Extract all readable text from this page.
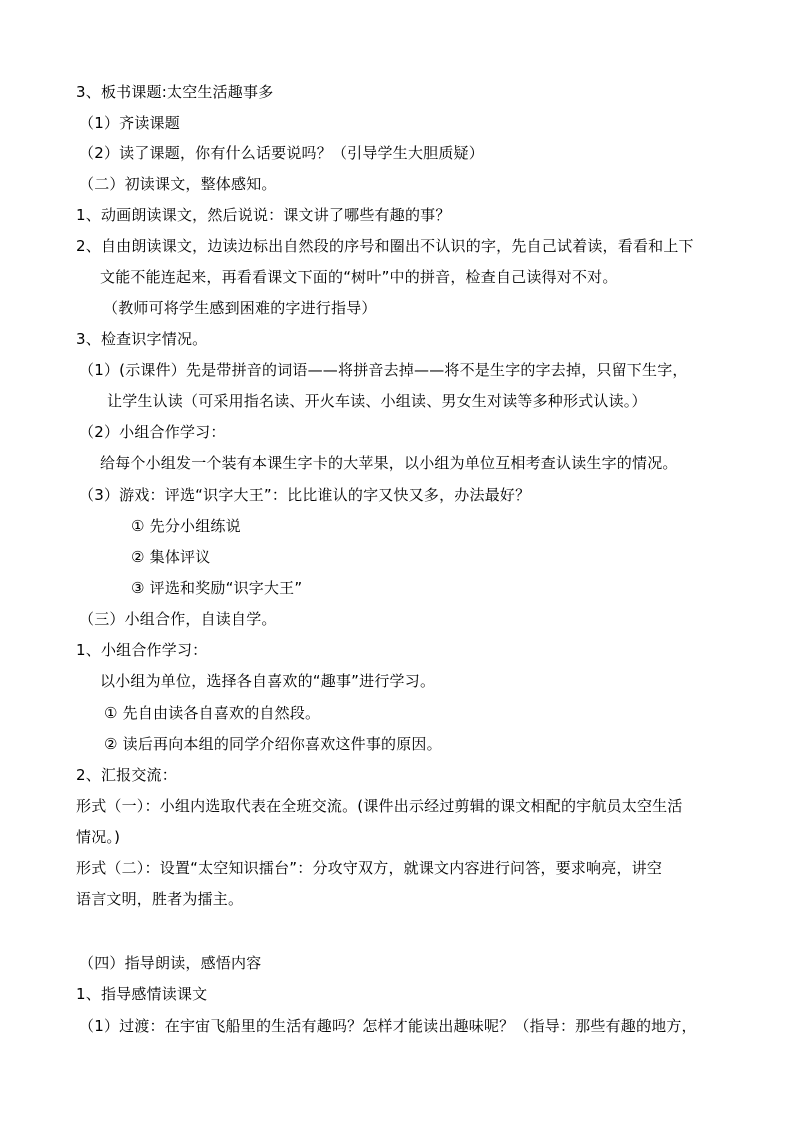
3、板书课题:太空生活趣事多
（1）齐读课题
（2）读了课题，你有什么话要说吗？（引导学生大胆质疑）
（二）初读课文，整体感知。
1、动画朗读课文，然后说说：课文讲了哪些有趣的事？
2、自由朗读课文，边读边标出自然段的序号和圈出不认识的字，先自己试着读，看看和上下
文能不能连起来，再看看课文下面的“树叶”中的拼音，检查自己读得对不对。
（教师可将学生感到困难的字进行指导）
3、检查识字情况。
（1）(示课件）先是带拼音的词语——将拼音去掉——将不是生字的字去掉，只留下生字，
让学生认读（可采用指名读、开火车读、小组读、男女生对读等多种形式认读。）
（2）小组合作学习：
给每个小组发一个装有本课生字卡的大苹果，以小组为单位互相考查认读生字的情况。
（3）游戏：评选“识字大王”：比比谁认的字又快又多，办法最好？
① 先分小组练说
② 集体评议
③ 评选和奖励“识字大王”
（三）小组合作，自读自学。
1、小组合作学习：
以小组为单位，选择各自喜欢的“趣事”进行学习。
① 先自由读各自喜欢的自然段。
② 读后再向本组的同学介绍你喜欢这件事的原因。
2、汇报交流：
形式（一）：小组内选取代表在全班交流。(课件出示经过剪辑的课文相配的宇航员太空生活
情况。)
形式（二）：设置“太空知识擂台”：分攻守双方，就课文内容进行问答，要求响亮，讲空
语言文明，胜者为擂主。
（四）指导朗读，感悟内容
1、指导感情读课文
（1）过渡：在宇宙飞船里的生活有趣吗？怎样才能读出趣味呢？（指导：那些有趣的地方，
